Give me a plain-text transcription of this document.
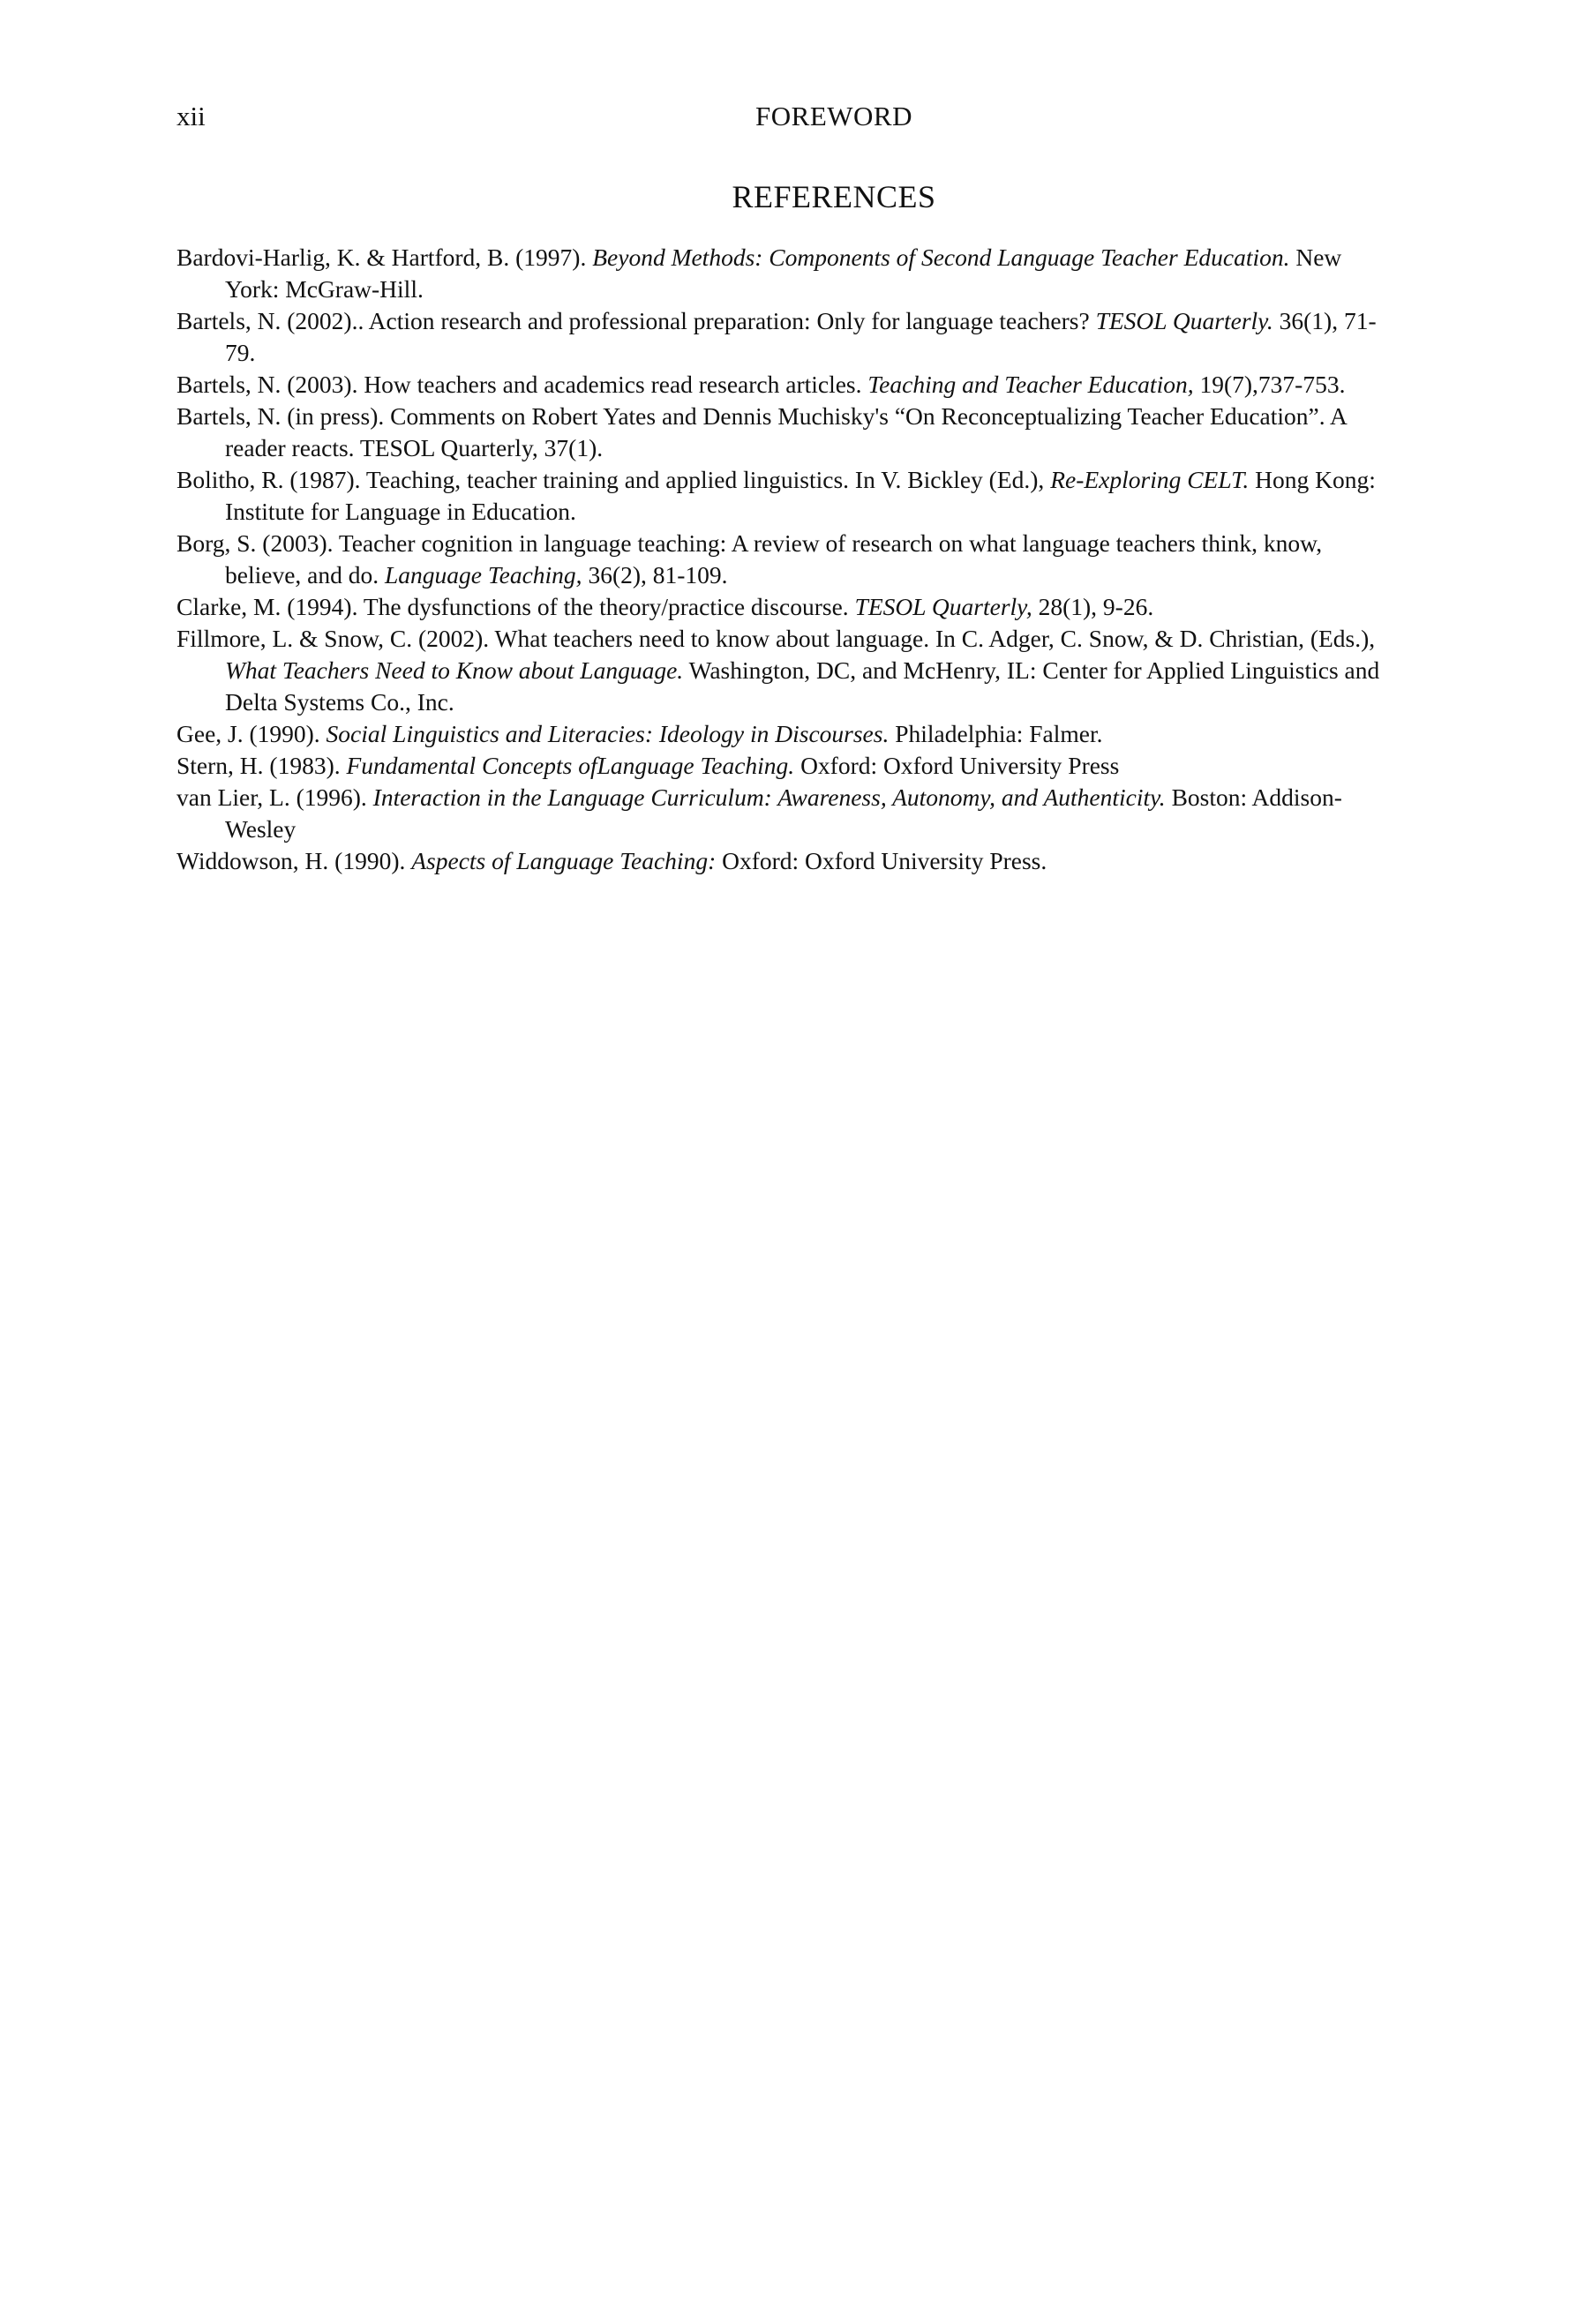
xii	FOREWORD
REFERENCES
Bardovi-Harlig, K. & Hartford, B. (1997). Beyond Methods: Components of Second Language Teacher Education. New York: McGraw-Hill.
Bartels, N. (2002).. Action research and professional preparation: Only for language teachers? TESOL Quarterly. 36(1), 71-79.
Bartels, N. (2003). How teachers and academics read research articles. Teaching and Teacher Education, 19(7),737-753.
Bartels, N. (in press). Comments on Robert Yates and Dennis Muchisky's “On Reconceptualizing Teacher Education”. A reader reacts. TESOL Quarterly, 37(1).
Bolitho, R. (1987). Teaching, teacher training and applied linguistics. In V. Bickley (Ed.), Re-Exploring CELT. Hong Kong: Institute for Language in Education.
Borg, S. (2003). Teacher cognition in language teaching: A review of research on what language teachers think, know, believe, and do. Language Teaching, 36(2), 81-109.
Clarke, M. (1994). The dysfunctions of the theory/practice discourse. TESOL Quarterly, 28(1), 9-26.
Fillmore, L. & Snow, C. (2002). What teachers need to know about language. In C. Adger, C. Snow, & D. Christian, (Eds.), What Teachers Need to Know about Language. Washington, DC, and McHenry, IL: Center for Applied Linguistics and Delta Systems Co., Inc.
Gee, J. (1990). Social Linguistics and Literacies: Ideology in Discourses. Philadelphia: Falmer.
Stern, H. (1983). Fundamental Concepts ofLanguage Teaching. Oxford: Oxford University Press
van Lier, L. (1996). Interaction in the Language Curriculum: Awareness, Autonomy, and Authenticity. Boston: Addison-Wesley
Widdowson, H. (1990). Aspects of Language Teaching: Oxford: Oxford University Press.
